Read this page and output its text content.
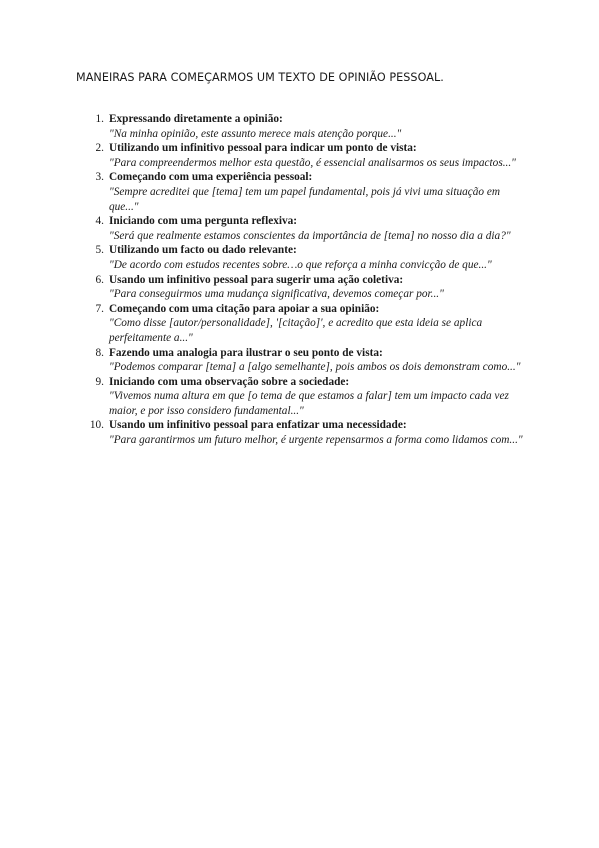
MANEIRAS PARA COMEÇARMOS UM TEXTO DE OPINIÃO PESSOAL.
1. Expressando diretamente a opinião:
"Na minha opinião, este assunto merece mais atenção porque..."
2. Utilizando um infinitivo pessoal para indicar um ponto de vista:
"Para compreendermos melhor esta questão, é essencial analisarmos os seus impactos..."
3. Começando com uma experiência pessoal:
"Sempre acreditei que [tema] tem um papel fundamental, pois já vivi uma situação em que..."
4. Iniciando com uma pergunta reflexiva:
"Será que realmente estamos conscientes da importância de [tema] no nosso dia a dia?"
5. Utilizando um facto ou dado relevante:
"De acordo com estudos recentes sobre…o que reforça a minha convicção de que..."
6. Usando um infinitivo pessoal para sugerir uma ação coletiva:
"Para conseguirmos uma mudança significativa, devemos começar por..."
7. Começando com uma citação para apoiar a sua opinião:
"Como disse [autor/personalidade], '[citação]', e acredito que esta ideia se aplica perfeitamente a..."
8. Fazendo uma analogia para ilustrar o seu ponto de vista:
"Podemos comparar [tema] a [algo semelhante], pois ambos os dois demonstram como..."
9. Iniciando com uma observação sobre a sociedade:
"Vivemos numa altura em que [o tema de que estamos a falar] tem um impacto cada vez maior, e por isso considero fundamental..."
10. Usando um infinitivo pessoal para enfatizar uma necessidade:
"Para garantirmos um futuro melhor, é urgente repensarmos a forma como lidamos com..."
